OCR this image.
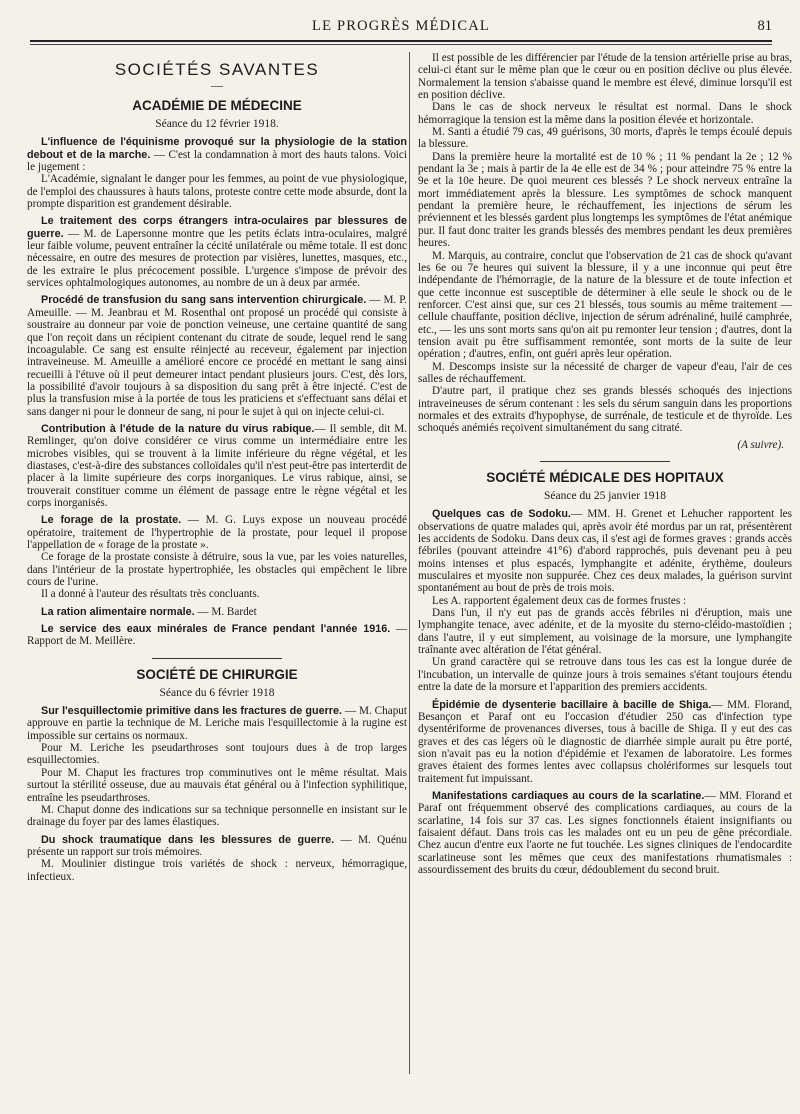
LE PROGRÈS MÉDICAL	81
SOCIÉTÉS SAVANTES
—
ACADÉMIE DE MÉDECINE
Séance du 12 février 1918.

L'influence de l'équinisme provoqué sur la physiologie de la station debout et de la marche. — C'est la condamnation à mort des hauts talons. Voici le jugement :

L'Académie, signalant le danger pour les femmes, au point de vue physiologique, de l'emploi des chaussures à hauts talons, proteste contre cette mode absurde, dont la prompte disparition est grandement désirable.

Le traitement des corps étrangers intra-oculaires par blessures de guerre. — M. de Lapersonne montre que les petits éclats intra-oculaires, malgré leur faible volume, peuvent entraîner la cécité unilatérale ou même totale. Il est donc nécessaire, en outre des mesures de protection par visières, lunettes, masques, etc., de les extraire le plus précocement possible. L'urgence s'impose de prévoir des services ophtalmologiques autonomes, au nombre de un à deux par armée.

Procédé de transfusion du sang sans intervention chirurgicale. — M. P. Ameuille. — M. Jeanbrau et M. Rosenthal ont proposé un procédé qui consiste à soustraire au donneur par voie de ponction veineuse, une certaine quantité de sang que l'on reçoit dans un récipient contenant du citrate de soude, lequel rend le sang incoagulable. Ce sang est ensuite réinjecté au receveur, également par injection intraveineuse. M. Ameuille a amélioré encore ce procédé en mettant le sang ainsi recueilli à l'étuve où il peut demeurer intact pendant plusieurs jours. C'est, dès lors, la possibilité d'avoir toujours à sa disposition du sang prêt à être injecté. C'est de plus la transfusion mise à la portée de tous les praticiens et s'effectuant sans délai et sans danger ni pour le donneur de sang, ni pour le sujet à qui on injecte celui-ci.

Contribution à l'étude de la nature du virus rabique.— Il semble, dit M. Remlinger, qu'on doive considérer ce virus comme un intermédiaire entre les microbes visibles, qui se trouvent à la limite inférieure du règne végétal, et les diastases, c'est-à-dire des substances colloïdales qu'il n'est peut-être pas interterdit de placer à la limite supérieure des corps inorganiques. Le virus rabique, ainsi, se trouverait constituer comme un élément de passage entre le règne végétal et les corps inorganisés.

Le forage de la prostate. — M. G. Luys expose un nouveau procédé opératoire, traitement de l'hypertrophie de la prostate, pour lequel il propose l'appellation de « forage de la prostate ».

Ce forage de la prostate consiste à détruire, sous la vue, par les voies naturelles, dans l'intérieur de la prostate hypertrophiée, les obstacles qui empêchent le libre cours de l'urine.

Il a donné à l'auteur des résultats très concluants.

La ration alimentaire normale. — M. Bardet

Le service des eaux minérales de France pendant l'année 1916. — Rapport de M. Meillère.

SOCIÉTÉ DE CHIRURGIE
Séance du 6 février 1918

Sur l'esquillectomie primitive dans les fractures de guerre. — M. Chaput approuve en partie la technique de M. Leriche mais l'esquillectomie à la rugine est impossible sur certains os normaux.

Pour M. Leriche les pseudarthroses sont toujours dues à de trop larges esquillectomies.

Pour M. Chaput les fractures trop comminutives ont le même résultat. Mais surtout la stérilité osseuse, due au mauvais état général ou à l'infection syphilitique, entraîne les pseudarthroses.

M. Chaput donne des indications sur sa technique personnelle en insistant sur le drainage du foyer par des lames élastiques.

Du shock traumatique dans les blessures de guerre. — M. Quénu présente un rapport sur trois mémoires.

M. Moulinier distingue trois variétés de shock : nerveux, hémorragique, infectieux.

Il est possible de les différencier par l'étude de la tension artérielle prise au bras, celui-ci étant sur le même plan que le cœur ou en position déclive ou plus élevée. Normalement la tension s'abaisse quand le membre est élevé, diminue lorsqu'il est en position déclive.

Dans le cas de shock nerveux le résultat est normal. Dans le shock hémorragique la tension est la même dans la position élevée et horizontale.

M. Santi a étudié 79 cas, 49 guérisons, 30 morts, d'après le temps écoulé depuis la blessure.

Dans la première heure la mortalité est de 10 % ; 11 % pendant la 2e ; 12 % pendant la 3e ; mais à partir de la 4e elle est de 34 % ; pour atteindre 75 % entre la 9e et la 10e heure. De quoi meurent ces blessés ? Le shock nerveux entraîne la mort immédiatement après la blessure. Les symptômes de schock manquent pendant la première heure, le réchauffement, les injections de sérum les préviennent et les blessés gardent plus longtemps les symptômes de l'état anémique pur. Il faut donc traiter les grands blessés des membres pendant les deux premières heures.

M. Marquis, au contraire, conclut que l'observation de 21 cas de shock qu'avant les 6e ou 7e heures qui suivent la blessure, il y a une inconnue qui peut être indépendante de l'hémorragie, de la nature de la blessure et de toute infection et que cette inconnue est susceptible de déterminer à elle seule le shock ou de le renforcer. C'est ainsi que, sur ces 21 blessés, tous soumis au même traitement — cellule chauffante, position déclive, injection de sérum adrénaliné, huilé camphrée, etc., — les uns sont morts sans qu'on ait pu remonter leur tension ; d'autres, dont la tension avait pu être suffisamment remontée, sont morts de la suite de leur opération ; d'autres, enfin, ont guéri après leur opération.

M. Descomps insiste sur la nécessité de charger de vapeur d'eau, l'air de ces salles de réchauffement.

D'autre part, il pratique chez ses grands blessés schoqués des injections intraveineuses de sérum contenant : les sels du sérum sanguin dans les proportions normales et des extraits d'hypophyse, de surrénale, de testicule et de thyroïde. Les schoqués anémiés reçoivent simultanément du sang citraté.

(A suivre).
SOCIÉTÉ MÉDICALE DES HOPITAUX
Séance du 25 janvier 1918

Quelques cas de Sodoku.— MM. H. Grenet et Lehucher rapportent les observations de quatre malades qui, après avoir été mordus par un rat, présentèrent les accidents de Sodoku. Dans deux cas, il s'est agi de formes graves : grands accès fébriles (pouvant atteindre 41°6) d'abord rapprochés, puis devenant peu à peu moins intenses et plus espacés, lymphangite et adénite, érythème, douleurs musculaires et myosite non suppurée. Chez ces deux malades, la guérison survint spontanément au bout de près de trois mois.

Les A. rapportent également deux cas de formes frustes :

Dans l'un, il n'y eut pas de grands accès fébriles ni d'éruption, mais une lymphangite tenace, avec adénite, et de la myosite du sterno-cléido-mastoïdien ; dans l'autre, il y eut simplement, au voisinage de la morsure, une lymphangite traînante avec altération de l'état général.

Un grand caractère qui se retrouve dans tous les cas est la longue durée de l'incubation, un intervalle de quinze jours à trois semaines s'étant toujours étendu entre la date de la morsure et l'apparition des premiers accidents.

Épidémie de dysenterie bacillaire à bacille de Shiga.— MM. Florand, Besançon et Paraf ont eu l'occasion d'étudier 250 cas d'infection type dysentériforme de provenances diverses, tous à bacille de Shiga. Il y eut des cas graves et des cas légers où le diagnostic de diarrhée simple aurait pu être porté, sion n'avait pas eu la notion d'épidémie et l'examen de laboratoire. Les formes graves étaient des formes lentes avec collapsus cholériformes sur lesquels tout traitement fut impuissant.

Manifestations cardiaques au cours de la scarlatine.— MM. Florand et Paraf ont fréquemment observé des complications cardiaques, au cours de la scarlatine, 14 fois sur 37 cas. Les signes fonctionnels étaient insignifiants ou faisaient défaut. Dans trois cas les malades ont eu un peu de gêne précordiale. Chez aucun d'entre eux l'aorte ne fut touchée. Les signes cliniques de l'endocardite scarlatineuse sont les mêmes que ceux des manifestations rhumatismales : assourdissement des bruits du cœur, dédoublement du second bruit.
